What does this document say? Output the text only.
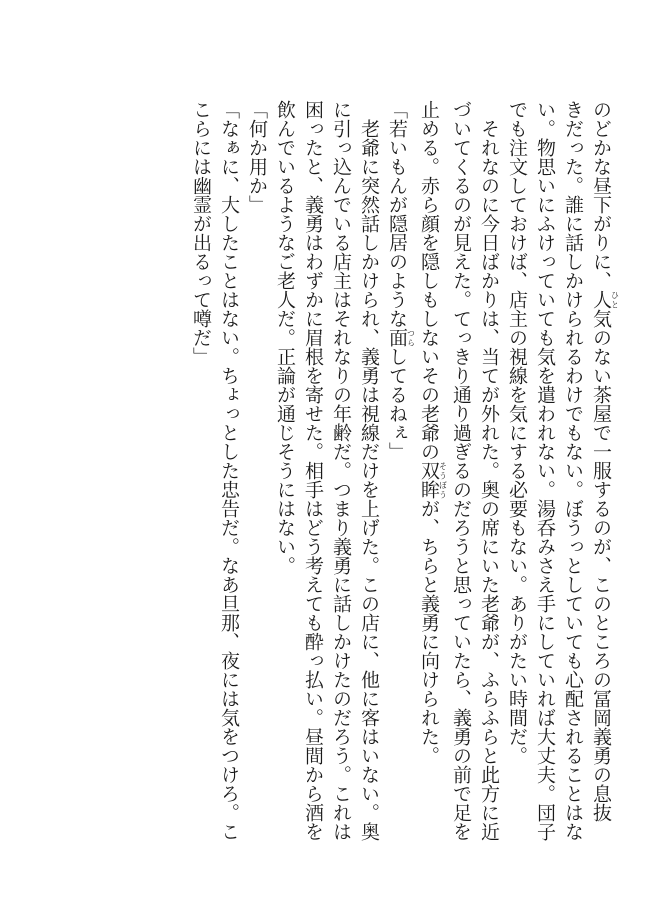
のどかな昼下がりに、人ひと気のない茶屋で一服するのが、このところの冨岡義勇の息抜
きだった。誰に話しかけられるわけでもない。ぼうっとしていても心配されることはな
い。物思いにふけっていても気を遣われない。湯呑みさえ手にしていれば大丈夫。団子
でも注文しておけば、店主の視線を気にする必要もない。ありがたい時間だ。
　それなのに今日ばかりは、当てが外れた。奥の席にいた老爺が、ふらふらと此方に近
づいてくるのが見えた。てっきり通り過ぎるのだろうと思っていたら、義勇の前で足を
止める。赤ら顔を隠しもしないその老爺の双眸そうぼうが、ちらと義勇に向けられた。
「若いもんが隠居のような面つらしてるねぇ」
　老爺に突然話しかけられ、義勇は視線だけを上げた。この店に、他に客はいない。奥
に引っ込んでいる店主はそれなりの年齢だ。つまり義勇に話しかけたのだろう。これは
困ったと、義勇はわずかに眉根を寄せた。相手はどう考えても酔っ払い。昼間から酒を
飲んでいるようなご老人だ。正論が通じそうにはない。
「何か用か」
「なぁに、大したことはない。ちょっとした忠告だ。なあ旦那、夜には気をつけろ。こ
こらには幽霊が出るって噂だ」
